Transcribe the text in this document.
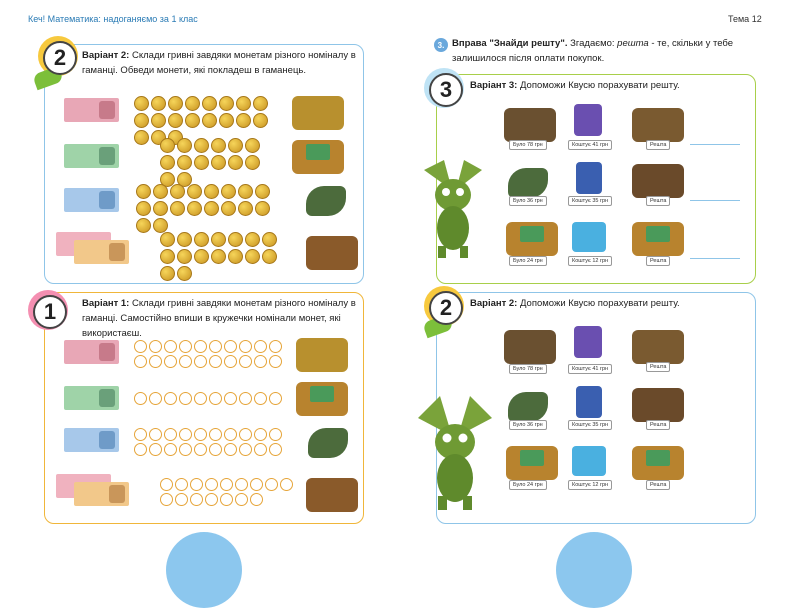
Кеч! Математика: надоганяємо за 1 клас	Тема 12
2	Варіант 2: Склади гривні завдяки монетам різного номіналу в гаманці. Обведи монети, які покладеш в гаманець.
1	Варіант 1: Склади гривні завдяки монетам різного номіналу в гаманці. Самостійно впиши в кружечки номінали монет, які використаєш.
3. Вправа "Знайди решту". Згадаємо: решта - те, скільки у тебе залишилося після оплати покупок.
3	Варіант 3: Допоможи Квусю порахувати решту.
Було 78 грн	Коштує 41 грн	Решта
Було 36 грн	Коштує 35 грн	Решта
Було 24 грн	Коштує 12 грн	Решта
2	Варіант 2: Допоможи Квусю порахувати решту.
Було 78 грн	Коштує 41 грн	Решта
Було 36 грн	Коштує 35 грн	Решта
Було 24 грн	Коштує 12 грн	Решта
